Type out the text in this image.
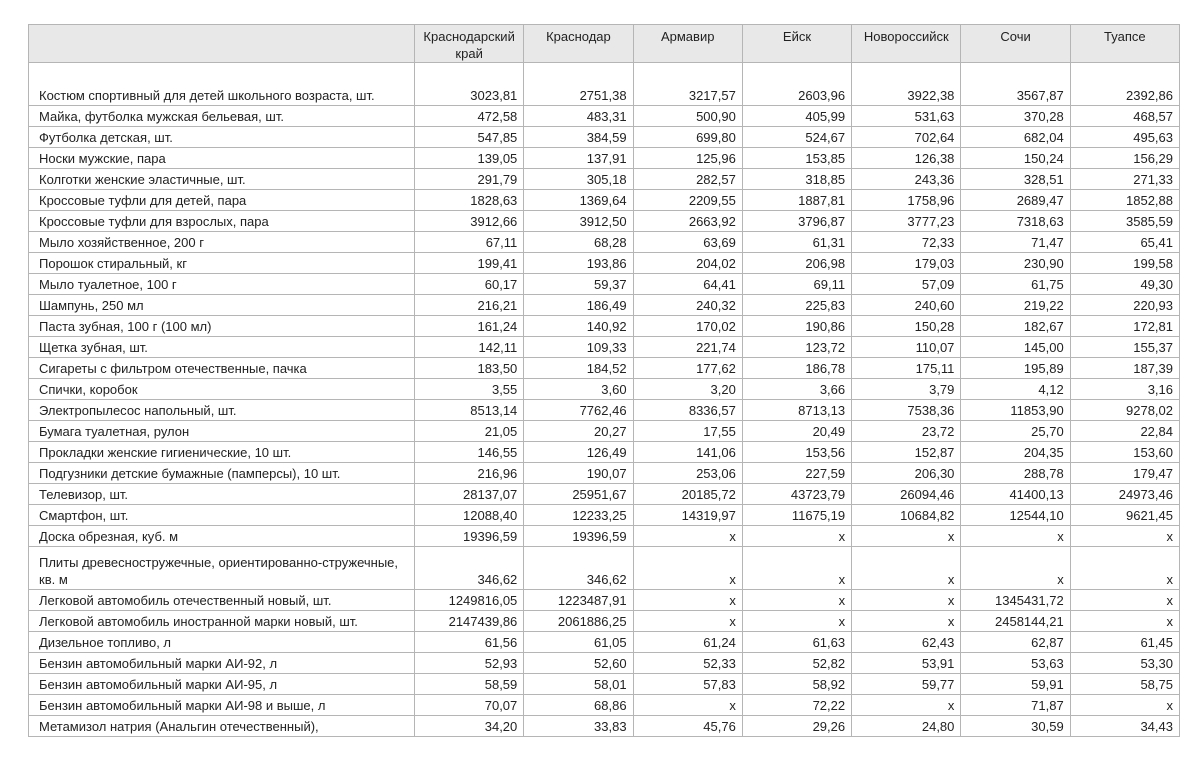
	Краснодарский край	Краснодар	Армавир	Ейск	Новороссийск	Сочи	Туапсе
Костюм спортивный для детей школьного возраста, шт.	3023,81	2751,38	3217,57	2603,96	3922,38	3567,87	2392,86
Майка, футболка мужская бельевая, шт.	472,58	483,31	500,90	405,99	531,63	370,28	468,57
Футболка детская, шт.	547,85	384,59	699,80	524,67	702,64	682,04	495,63
Носки мужские, пара	139,05	137,91	125,96	153,85	126,38	150,24	156,29
Колготки женские эластичные, шт.	291,79	305,18	282,57	318,85	243,36	328,51	271,33
Кроссовые туфли для детей, пара	1828,63	1369,64	2209,55	1887,81	1758,96	2689,47	1852,88
Кроссовые туфли для взрослых, пара	3912,66	3912,50	2663,92	3796,87	3777,23	7318,63	3585,59
Мыло хозяйственное, 200 г	67,11	68,28	63,69	61,31	72,33	71,47	65,41
Порошок стиральный, кг	199,41	193,86	204,02	206,98	179,03	230,90	199,58
Мыло туалетное, 100 г	60,17	59,37	64,41	69,11	57,09	61,75	49,30
Шампунь, 250 мл	216,21	186,49	240,32	225,83	240,60	219,22	220,93
Паста зубная, 100 г (100 мл)	161,24	140,92	170,02	190,86	150,28	182,67	172,81
Щетка зубная, шт.	142,11	109,33	221,74	123,72	110,07	145,00	155,37
Сигареты с фильтром отечественные, пачка	183,50	184,52	177,62	186,78	175,11	195,89	187,39
Спички, коробок	3,55	3,60	3,20	3,66	3,79	4,12	3,16
Электропылесос напольный, шт.	8513,14	7762,46	8336,57	8713,13	7538,36	11853,90	9278,02
Бумага туалетная, рулон	21,05	20,27	17,55	20,49	23,72	25,70	22,84
Прокладки женские гигиенические, 10 шт.	146,55	126,49	141,06	153,56	152,87	204,35	153,60
Подгузники детские бумажные (памперсы), 10 шт.	216,96	190,07	253,06	227,59	206,30	288,78	179,47
Телевизор, шт.	28137,07	25951,67	20185,72	43723,79	26094,46	41400,13	24973,46
Смартфон, шт.	12088,40	12233,25	14319,97	11675,19	10684,82	12544,10	9621,45
Доска обрезная, куб. м	19396,59	19396,59	x	x	x	x	x
Плиты древесностружечные, ориентированно-стружечные, кв. м	346,62	346,62	x	x	x	x	x
Легковой автомобиль отечественный новый, шт.	1249816,05	1223487,91	x	x	x	1345431,72	x
Легковой автомобиль иностранной марки новый, шт.	2147439,86	2061886,25	x	x	x	2458144,21	x
Дизельное топливо, л	61,56	61,05	61,24	61,63	62,43	62,87	61,45
Бензин автомобильный марки АИ-92, л	52,93	52,60	52,33	52,82	53,91	53,63	53,30
Бензин автомобильный марки АИ-95, л	58,59	58,01	57,83	58,92	59,77	59,91	58,75
Бензин автомобильный марки АИ-98 и выше, л	70,07	68,86	x	72,22	x	71,87	x
Метамизол натрия (Анальгин отечественный),	34,20	33,83	45,76	29,26	24,80	30,59	34,43
